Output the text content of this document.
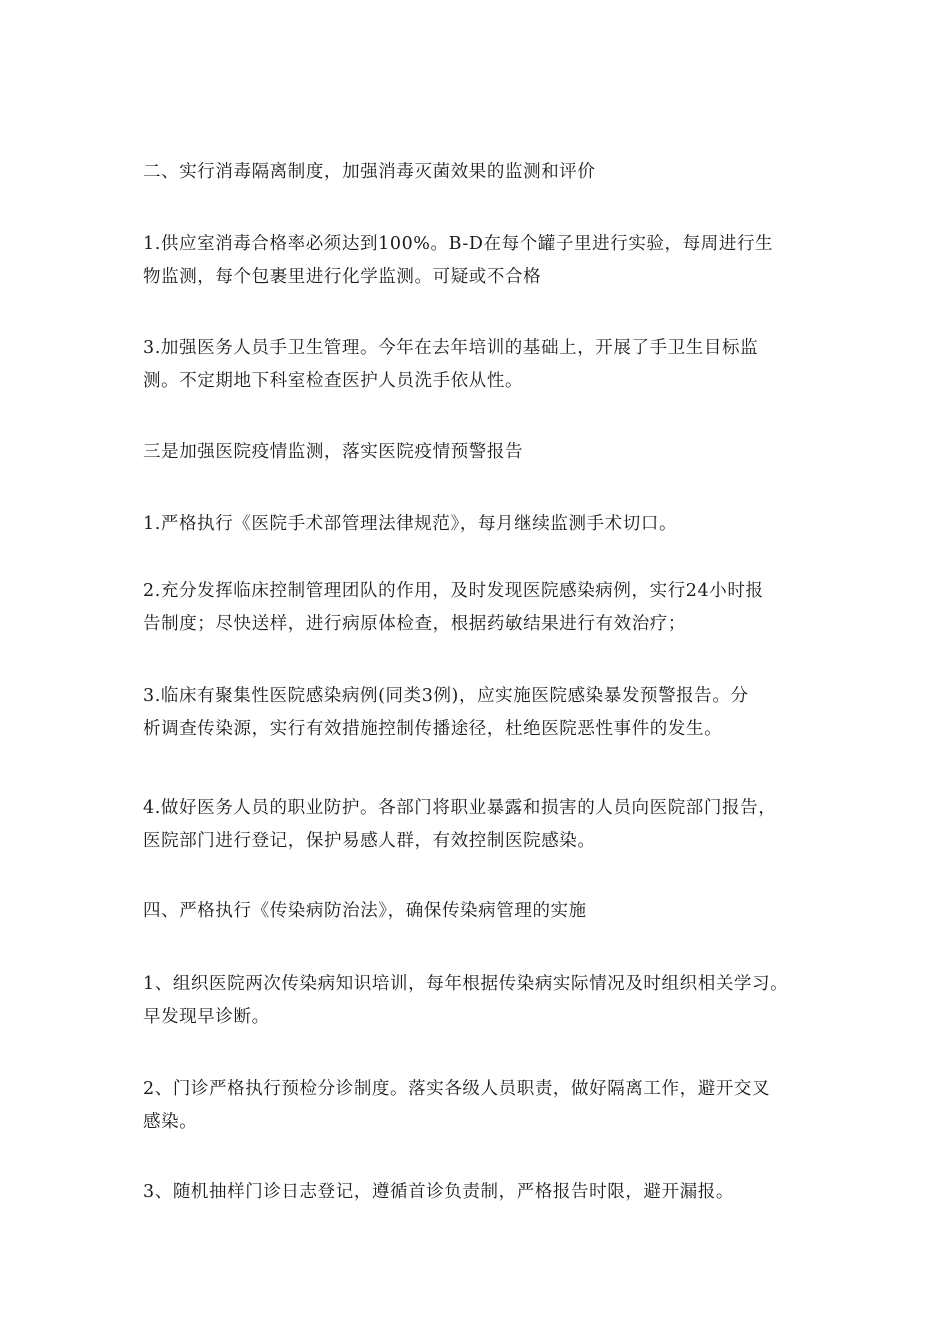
二、实行消毒隔离制度，加强消毒灭菌效果的监测和评价

1.供应室消毒合格率必须达到100%。B-D在每个罐子里进行实验，每周进行生
物监测，每个包裹里进行化学监测。可疑或不合格

3.加强医务人员手卫生管理。今年在去年培训的基础上，开展了手卫生目标监
测。不定期地下科室检查医护人员洗手依从性。

三是加强医院疫情监测，落实医院疫情预警报告

1.严格执行《医院手术部管理法律规范》，每月继续监测手术切口。

2.充分发挥临床控制管理团队的作用，及时发现医院感染病例，实行24小时报
告制度；尽快送样，进行病原体检查，根据药敏结果进行有效治疗；

3.临床有聚集性医院感染病例(同类3例)，应实施医院感染暴发预警报告。分
析调查传染源，实行有效措施控制传播途径，杜绝医院恶性事件的发生。

4.做好医务人员的职业防护。各部门将职业暴露和损害的人员向医院部门报告，
医院部门进行登记，保护易感人群，有效控制医院感染。

四、严格执行《传染病防治法》，确保传染病管理的实施

1、组织医院两次传染病知识培训，每年根据传染病实际情况及时组织相关学习。
早发现早诊断。

2、门诊严格执行预检分诊制度。落实各级人员职责，做好隔离工作，避开交叉
感染。

3、随机抽样门诊日志登记，遵循首诊负责制，严格报告时限，避开漏报。
